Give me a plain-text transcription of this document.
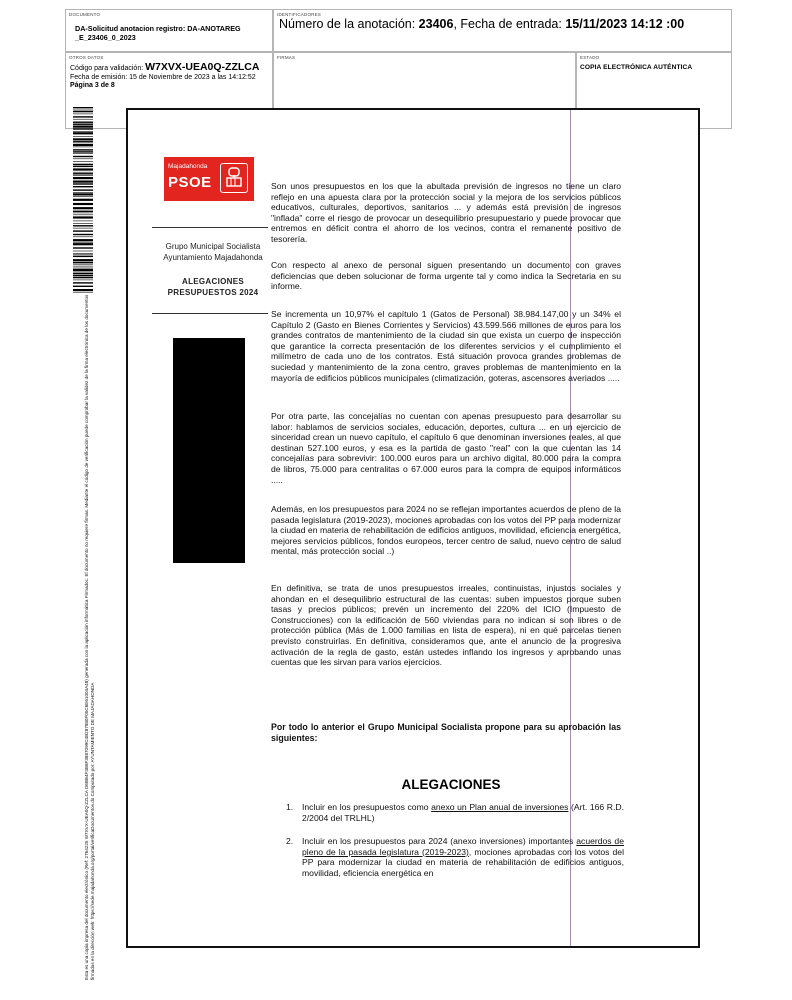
DOCUMENTO
DA-Solicitud anotacion registro: DA-ANOTAREG _E_23406_0_2023
IDENTIFICADORES
Número de la anotación: 23406, Fecha de entrada: 15/11/2023 14:12 :00
OTROS DATOS
Código para validación: W7XVX-UEA0Q-ZZLCA
Fecha de emisión: 15 de Noviembre de 2023 a las 14:12:52
Página 3 de 8
FIRMAS	ESTADO
COPIA ELECTRÓNICA AUTÉNTICA
Esta es una copia impresa del documento electrónico (Ref: 2764225 W7XVX-UEA0Q-ZZLCA D6BB4F3B6F3887099C4B287880F05C6E61004A48) generada con la aplicación informática Firmadoc. El documento no requiere firmas. Mediante el código de verificación puede comprobar la validez de la firma electrónica de los documentos firmados en la dirección web: https://sede.majadahonda.org/portal/verificaDocumentos.do Computado por: AYUNTAMIENTO DE MAJADAHONDA
Majadahonda
PSOE
Grupo Municipal Socialista
Ayuntamiento Majadahonda
ALEGACIONES
PRESUPUESTOS 2024
Son unos presupuestos en los que la abultada previsión de ingresos no tiene un claro reflejo en una apuesta clara por la protección social y la mejora de los servicios públicos educativos, culturales, deportivos, sanitarios ... y además está previsión de ingresos "inflada" corre el riesgo de provocar un desequilibrio presupuestario y puede provocar que entremos en déficit contra el ahorro de los vecinos, contra el remanente positivo de tesorería.
Con respecto al anexo de personal siguen presentando un documento con graves deficiencias que deben solucionar de forma urgente tal y como indica la Secretaria en su informe.
Se incrementa un 10,97% el capítulo 1 (Gatos de Personal) 38.984.147,00 y un 34% el Capítulo 2 (Gasto en Bienes Corrientes y Servicios) 43.599.566 millones de euros para los grandes contratos de mantenimiento de la ciudad sin que exista un cuerpo de inspección que garantice la correcta presentación de los diferentes servicios y el cumplimiento el milímetro de cada uno de los contratos. Está situación provoca grandes problemas de suciedad y mantenimiento de la zona centro, graves problemas de mantenimiento en la mayoría de edificios públicos municipales (climatización, goteras, ascensores averiados .....
Por otra parte, las concejalías no cuentan con apenas presupuesto para desarrollar su labor: hablamos de servicios sociales, educación, deportes, cultura ... en un ejercicio de sinceridad crean un nuevo capítulo, el capítulo 6 que denominan inversiones reales, al que destinan 527.100 euros, y esa es la partida de gasto "real" con la que cuentan las 14 concejalías para sobrevivir: 100.000 euros para un archivo digital, 80.000 para la compra de libros, 75.000 para centralitas o 67.000 euros para la compra de equipos informáticos .....
Además, en los presupuestos para 2024 no se reflejan importantes acuerdos de pleno de la pasada legislatura (2019-2023), mociones aprobadas con los votos del PP para modernizar la ciudad en materia de rehabilitación de edificios antiguos, movilidad, eficiencia energética, mejores servicios públicos, fondos europeos, tercer centro de salud, nuevo centro de salud mental, más protección social ..)
En definitiva, se trata de unos presupuestos irreales, continuistas, injustos sociales y ahondan en el desequilibrio estructural de las cuentas: suben impuestos porque suben tasas y precios públicos; prevén un incremento del 220% del ICIO (Impuesto de Construcciones) con la edificación de 560 viviendas para no indican si son libres o de protección pública (Más de 1.000 familias en lista de espera), ni en qué parcelas tienen previsto construirlas. En definitiva, consideramos que, ante el anuncio de la progresiva activación de la regla de gasto, están ustedes inflando los ingresos y aprobando unas cuentas que les sirvan para varios ejercicios.
Por todo lo anterior el Grupo Municipal Socialista propone para su aprobación las siguientes:
ALEGACIONES
1. Incluir en los presupuestos como anexo un Plan anual de inversiones (Art. 166 R.D. 2/2004 del TRLHL)
2. Incluir en los presupuestos para 2024 (anexo inversiones) importantes acuerdos de pleno de la pasada legislatura (2019-2023), mociones aprobadas con los votos del PP para modernizar la ciudad en materia de rehabilitación de edificios antiguos, movilidad, eficiencia energética en
